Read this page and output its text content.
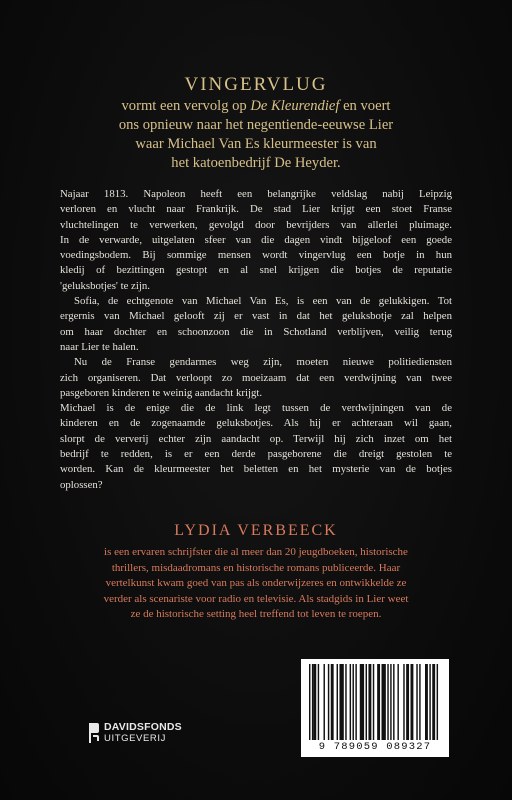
VINGERVLUG

vormt een vervolg op De Kleurendief en voert

ons opnieuw naar het negentiende-eeuwse Lier

waar Michael Van Es kleurmeester is van

het katoenbedrijf De Heyder.

Najaar 1813. Napoleon heeft een belangrijke veldslag nabij Leipzig
verloren en vlucht naar Frankrijk. De stad Lier krijgt een stoet Franse
vluchtelingen te verwerken, gevolgd door bevrijders van allerlei pluimage.
In de verwarde, uitgelaten sfeer van die dagen vindt bijgeloof een goede
voedingsbodem. Bij sommige mensen wordt vingervlug een botje in hun
kledij of bezittingen gestopt en al snel krijgen die botjes de reputatie
'geluksbotjes' te zijn.

Sofia, de echtgenote van Michael Van Es, is een van de gelukkigen. Tot
ergernis van Michael gelooft zij er vast in dat het geluksbotje zal helpen
om haar dochter en schoonzoon die in Schotland verblijven, veilig terug
naar Lier te halen.

Nu de Franse gendarmes weg zijn, moeten nieuwe politiediensten
zich organiseren. Dat verloopt zo moeizaam dat een verdwijning van twee
pasgeboren kinderen te weinig aandacht krijgt.

Michael is de enige die de link legt tussen de verdwijningen van de
kinderen en de zogenaamde geluksbotjes. Als hij er achteraan wil gaan,
slorpt de ververij echter zijn aandacht op. Terwijl hij zich inzet om het
bedrijf te redden, is er een derde pasgeborene die dreigt gestolen te
worden. Kan de kleurmeester het beletten en het mysterie van de botjes
oplossen?

LYDIA VERBEECK

is een ervaren schrijfster die al meer dan 20 jeugdboeken, historische
thrillers, misdaadromans en historische romans publiceerde. Haar
vertelkunst kwam goed van pas als onderwijzeres en ontwikkelde ze
verder als scenariste voor radio en televisie. Als stadgids in Lier weet
ze de historische setting heel treffend tot leven te roepen.

DAVIDSFONDS
UITGEVERIJ
9 789059 089327
